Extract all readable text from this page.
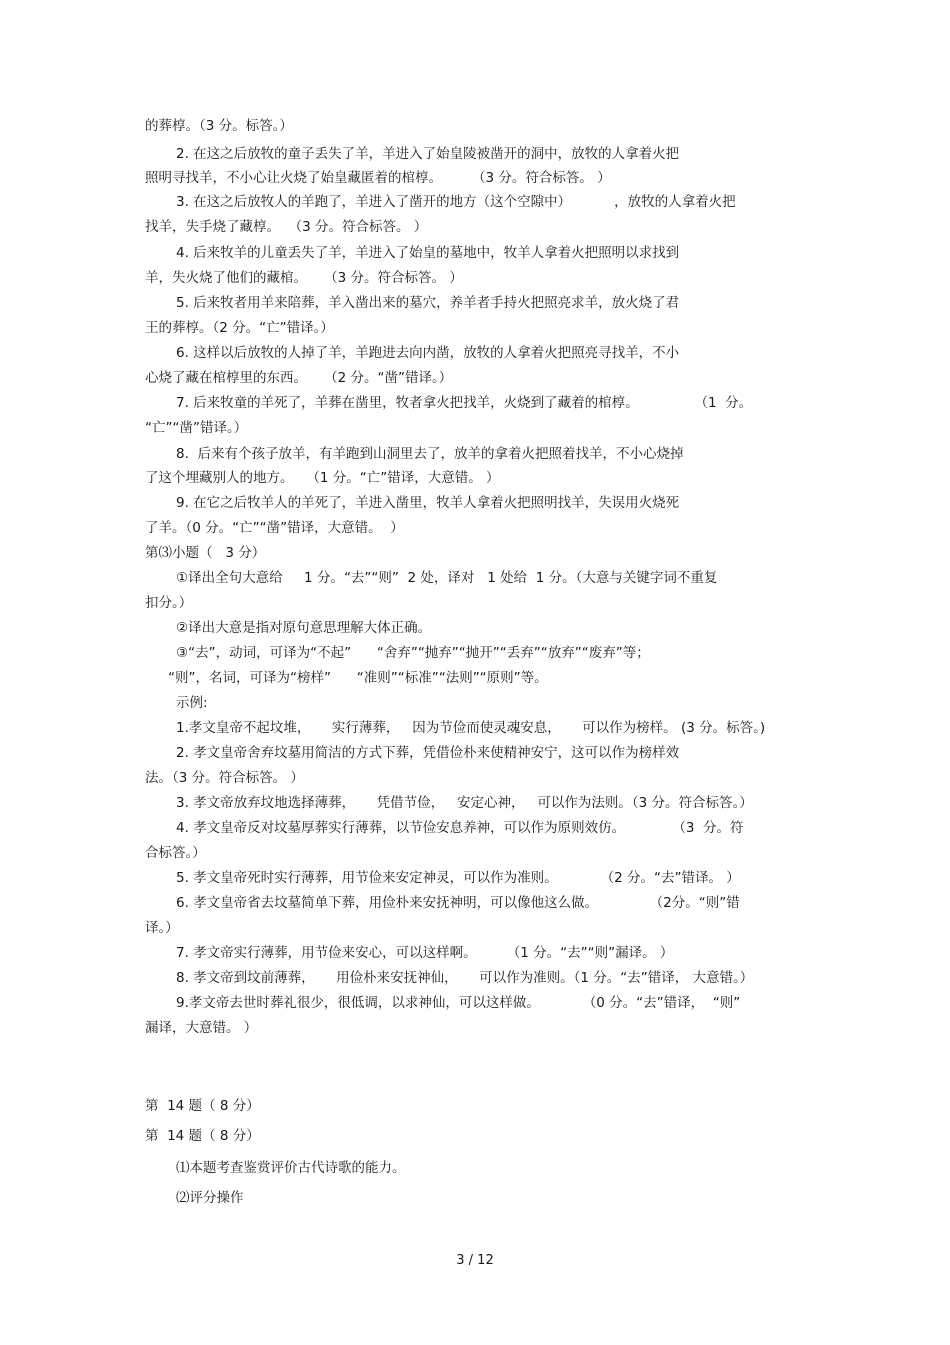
的葬椁。（3 分。标答。）
2. 在这之后放牧的童子丢失了羊，羊进入了始皇陵被凿开的洞中，放牧的人拿着火把
照明寻找羊，不小心让火烧了始皇藏匿着的棺椁。       （3 分。符合标答。 ）
3. 在这之后放牧人的羊跑了，羊进入了凿开的地方（这个空隙中）          ，放牧的人拿着火把
找羊，失手烧了藏椁。  （3 分。符合标答。 ）
4. 后来牧羊的儿童丢失了羊，羊进入了始皇的墓地中，牧羊人拿着火把照明以求找到
羊，失火烧了他们的藏棺。    （3 分。符合标答。 ）
5. 后来牧者用羊来陪葬，羊入凿出来的墓穴，养羊者手持火把照亮求羊，放火烧了君
王的葬椁。（2 分。“亡”错译。）
6. 这样以后放牧的人掉了羊，羊跑进去向内凿，放牧的人拿着火把照亮寻找羊，不小
心烧了藏在棺椁里的东西。    （2 分。“凿”错译。）
7. 后来牧童的羊死了，羊葬在凿里，牧者拿火把找羊，火烧到了藏着的棺椁。             （1  分。
“亡”“凿”错译。）
8.  后来有个孩子放羊，有羊跑到山洞里去了，放羊的拿着火把照着找羊，不小心烧掉
了这个埋藏别人的地方。   （1 分。“亡”错译，大意错。 ）
9. 在它之后牧羊人的羊死了，羊进入凿里，牧羊人拿着火把照明找羊，失误用火烧死
了羊。（0 分。“亡”“凿”错译，大意错。  ）
第⑶小题（   3 分）
①译出全句大意给     1 分。“去”“则”  2 处，译对   1 处给  1 分。（大意与关键字词不重复
扣分。）
②译出大意是指对原句意思理解大体正确。
③“去”，动词，可译为“不起”      “舍弃”“抛弃”“抛开”“丢弃”“放弃”“废弃”等；
“则”，名词，可译为“榜样”      “准则”“标准”“法则”“原则”等。
示例:
1.孝文皇帝不起坟堆，     实行薄葬，   因为节俭而使灵魂安息，     可以作为榜样。 (3 分。标答。)
2. 孝文皇帝舍弃坟墓用简洁的方式下葬，凭借俭朴来使精神安宁，这可以作为榜样效
法。（3 分。符合标答。 ）
3. 孝文帝放弃坟地选择薄葬，     凭借节俭，   安定心神，   可以作为法则。（3 分。符合标答。）
4. 孝文皇帝反对坟墓厚葬实行薄葬，以节俭安息养神，可以作为原则效仿。           （3  分。符
合标答。）
5. 孝文皇帝死时实行薄葬，用节俭来安定神灵，可以作为准则。          （2 分。“去”错译。 ）
6. 孝文皇帝省去坟墓简单下葬，用俭朴来安抚神明，可以像他这么做。            （2分。“则”错
译。）
7. 孝文帝实行薄葬，用节俭来安心，可以这样啊。       （1 分。“去”“则”漏译。 ）
8. 孝文帝到坟前薄葬，     用俭朴来安抚神仙，     可以作为准则。（1 分。“去”错译， 大意错。）
9.孝文帝去世时葬礼很少，很低调，以求神仙，可以这样做。          （0 分。“去”错译，  “则”
漏译，大意错。 ）
第  14 题（ 8 分）
第  14 题（ 8 分）
⑴本题考查鉴赏评价古代诗歌的能力。
⑵评分操作
3 / 12
